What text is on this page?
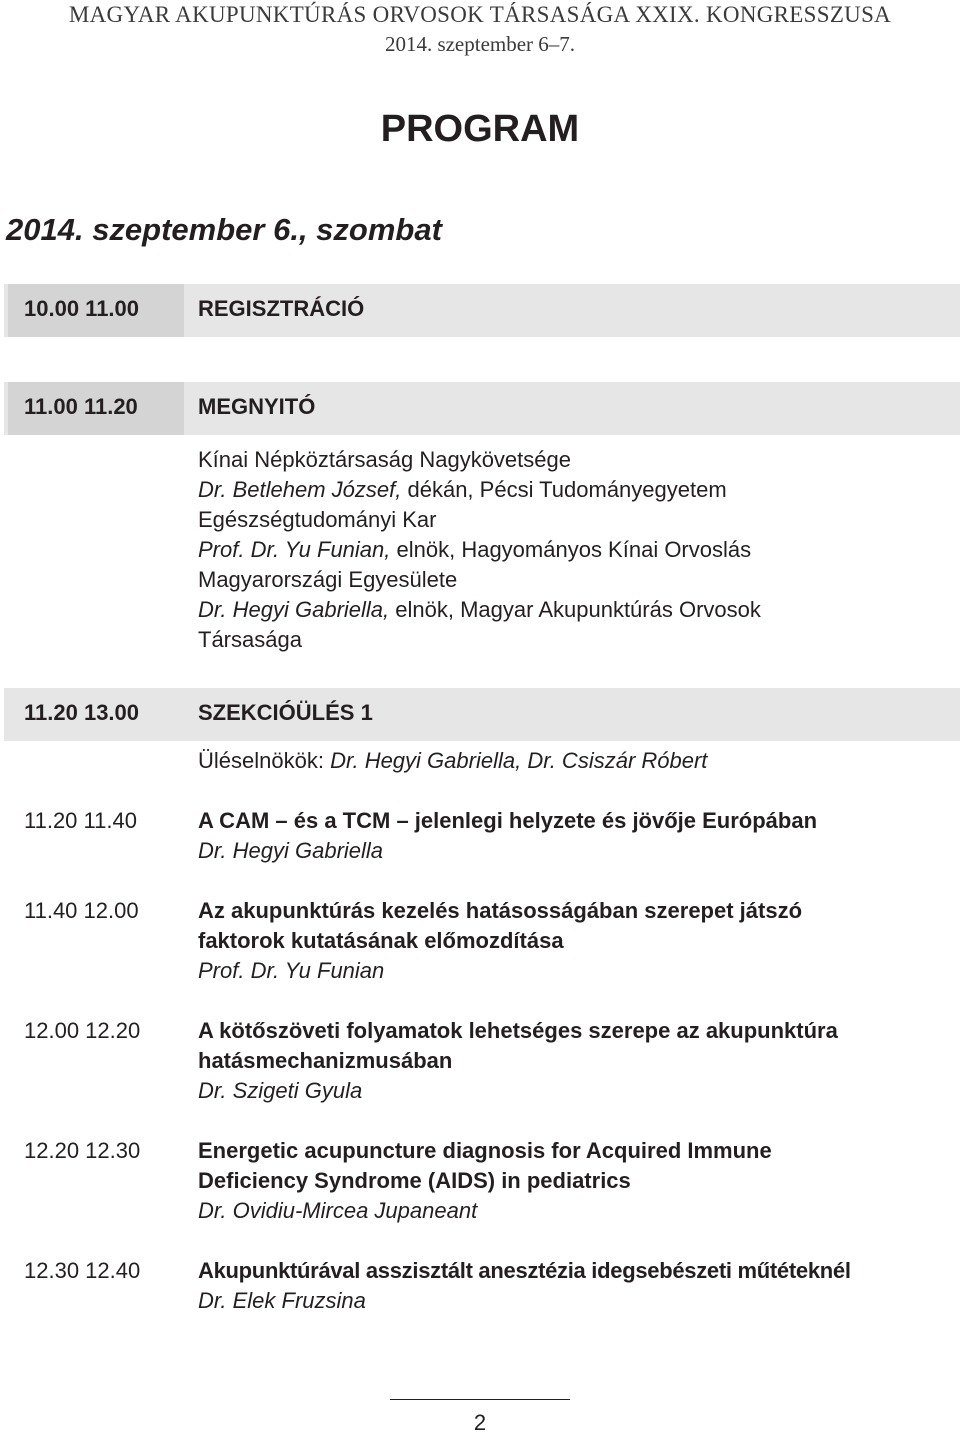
MAGYAR AKUPUNKTÚRÁS ORVOSOK TÁRSASÁGA XXIX. KONGRESSZUSA
2014. szeptember 6–7.
PROGRAM
2014. szeptember 6., szombat
10.00 11.00	REGISZTRÁCIÓ
11.00 11.20	MEGNYITÓ
Kínai Népköztársaság Nagykövetsége
Dr. Betlehem József, dékán, Pécsi Tudományegyetem
Egészségtudományi Kar
Prof. Dr. Yu Funian, elnök, Hagyományos Kínai Orvoslás
Magyarországi Egyesülete
Dr. Hegyi Gabriella, elnök, Magyar Akupunktúrás Orvosok
Társasága
11.20 13.00	SZEKCIÓÜLÉS 1
Üléselnökök: Dr. Hegyi Gabriella, Dr. Csiszár Róbert
11.20 11.40	A CAM – és a TCM – jelenlegi helyzete és jövője Európában
Dr. Hegyi Gabriella
11.40 12.00	Az akupunktúrás kezelés hatásosságában szerepet játszó
faktorok kutatásának előmozdítása
Prof. Dr. Yu Funian
12.00 12.20	A kötőszöveti folyamatok lehetséges szerepe az akupunktúra
hatásmechanizmusában
Dr. Szigeti Gyula
12.20 12.30	Energetic acupuncture diagnosis for Acquired Immune
Deficiency Syndrome (AIDS) in pediatrics
Dr. Ovidiu-Mircea Jupaneant
12.30 12.40	Akupunktúrával asszisztált anesztézia idegsebészeti műtéteknél
Dr. Elek Fruzsina
2
